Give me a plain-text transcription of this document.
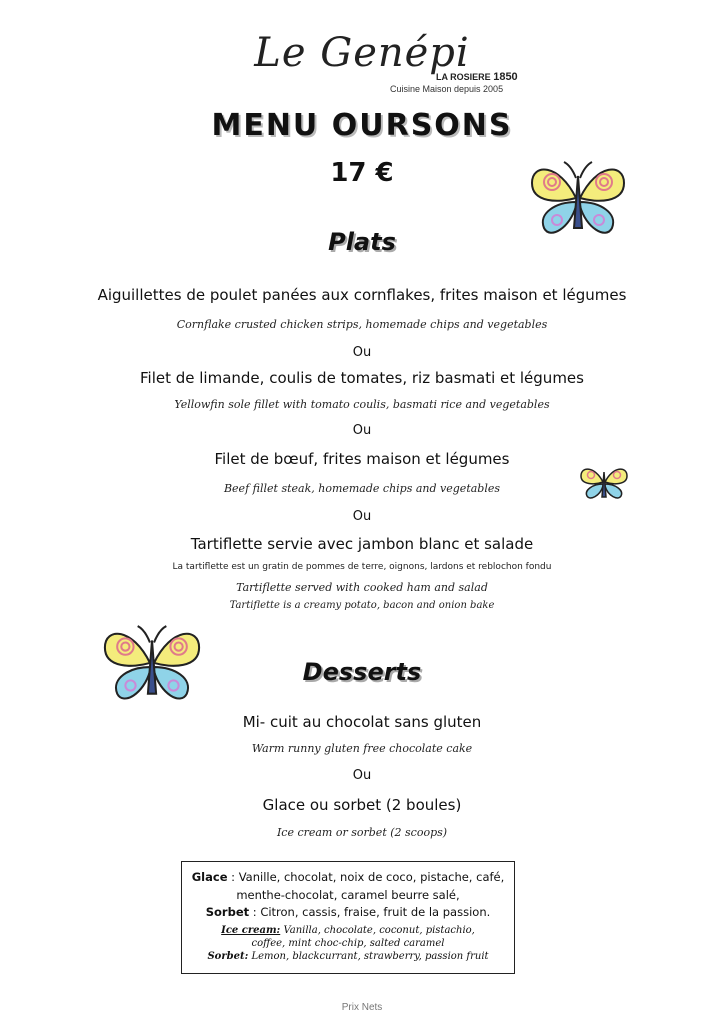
Le Genépi
LA ROSIERE 1850
Cuisine Maison depuis 2005
MENU OURSONS
17 €
Plats
Aiguillettes de poulet panées aux cornflakes, frites maison et légumes
Cornflake crusted chicken strips, homemade chips and vegetables
Ou
Filet de limande, coulis de tomates, riz basmati et légumes
Yellowfin sole fillet with tomato coulis, basmati rice and vegetables
Ou
Filet de bœuf, frites maison et légumes
Beef fillet steak, homemade chips and vegetables
Ou
Tartiflette servie avec jambon blanc et salade
La tartiflette est un gratin de pommes de terre, oignons, lardons et reblochon fondu
Tartiflette served with cooked ham and salad
Tartiflette is a creamy potato, bacon and onion bake
Desserts
Mi- cuit au chocolat sans gluten
Warm runny gluten free chocolate cake
Ou
Glace ou sorbet (2 boules)
Ice cream or sorbet (2 scoops)
Glace : Vanille, chocolat, noix de coco, pistache, café,
menthe-chocolat, caramel beurre salé,
Sorbet : Citron, cassis, fraise, fruit de la passion.
Ice cream: Vanilla, chocolate, coconut, pistachio,
coffee, mint choc-chip, salted caramel
Sorbet: Lemon, blackcurrant, strawberry, passion fruit
Prix Nets
